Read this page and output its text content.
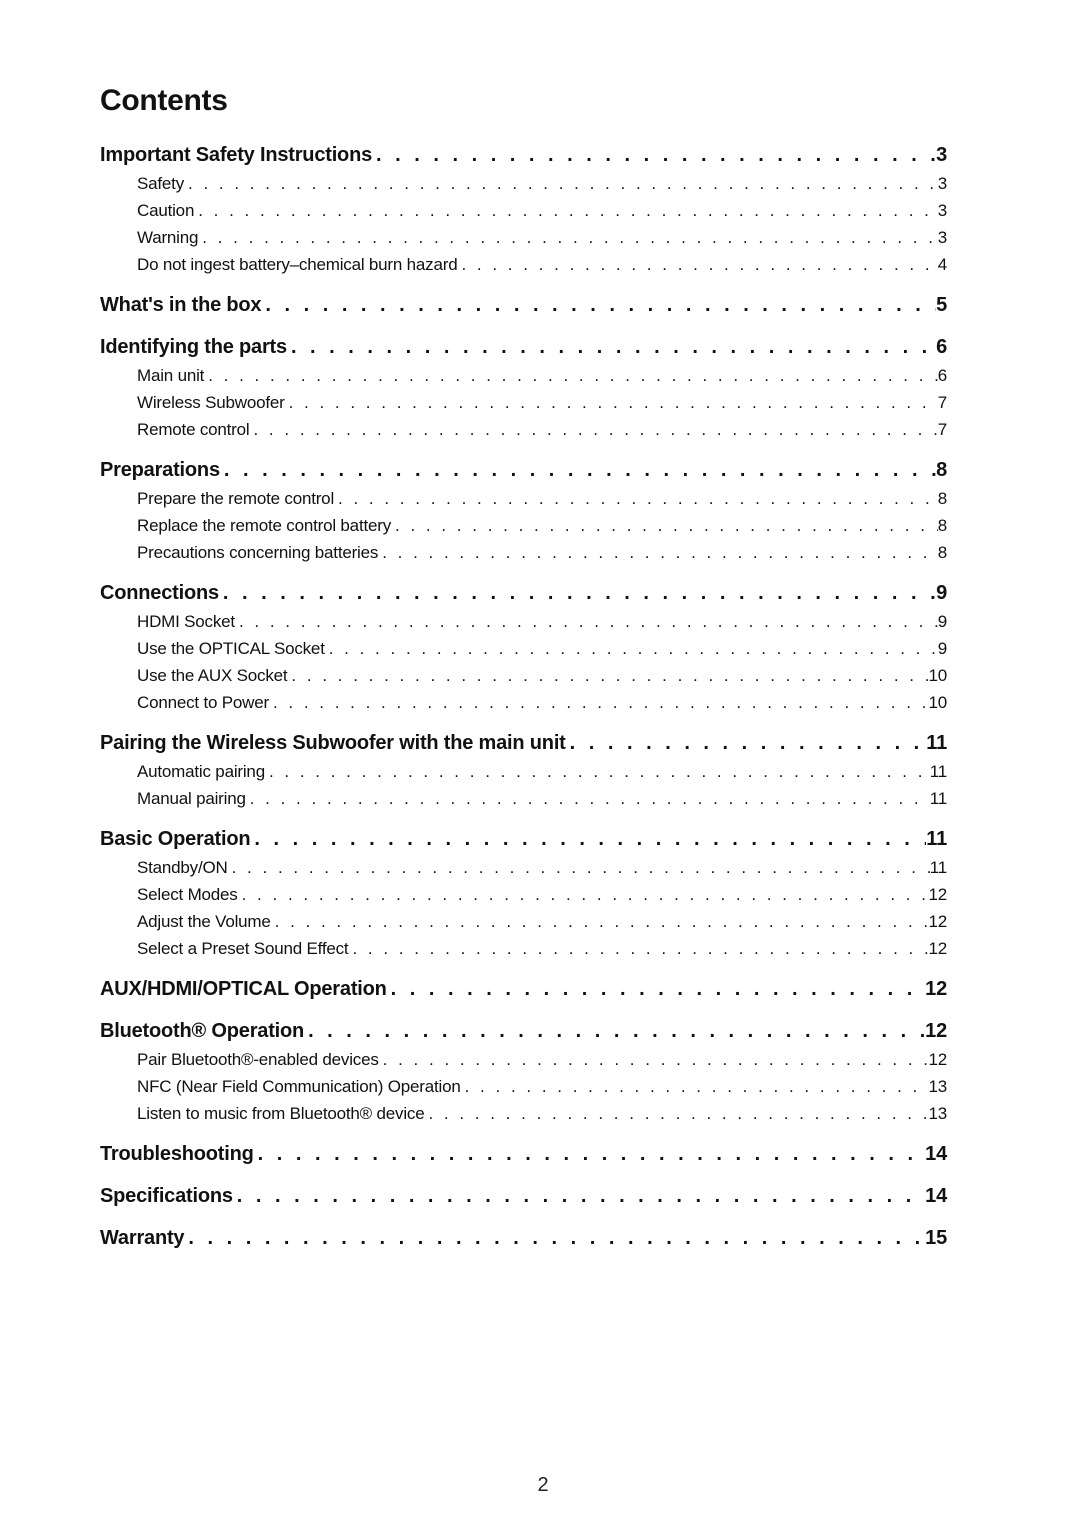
Contents
Important Safety Instructions . . .	3
Safety . . .	3
Caution . . .	3
Warning . . .	3
Do not ingest battery–chemical burn hazard . . .	4
What's in the box . . .	5
Identifying the parts . . .	6
Main unit . . .	6
Wireless Subwoofer . . .	7
Remote control . . .	7
Preparations . . .	8
Prepare the remote control . . .	8
Replace the remote control battery . . .	8
Precautions concerning batteries . . .	8
Connections . . .	9
HDMI Socket . . .	9
Use the OPTICAL Socket . . .	9
Use the AUX Socket . . .	10
Connect to Power . . .	10
Pairing the Wireless Subwoofer with the main unit . . .	11
Automatic pairing . . .	11
Manual pairing . . .	11
Basic Operation . . .	11
Standby/ON . . .	11
Select Modes . . .	12
Adjust the Volume . . .	12
Select a Preset Sound Effect . . .	12
AUX/HDMI/OPTICAL Operation . . .	12
Bluetooth® Operation . . .	12
Pair Bluetooth®-enabled devices . . .	12
NFC (Near Field Communication) Operation . . .	13
Listen to music from Bluetooth® device . . .	13
Troubleshooting . . .	14
Specifications . . .	14
Warranty . . .	15
2
